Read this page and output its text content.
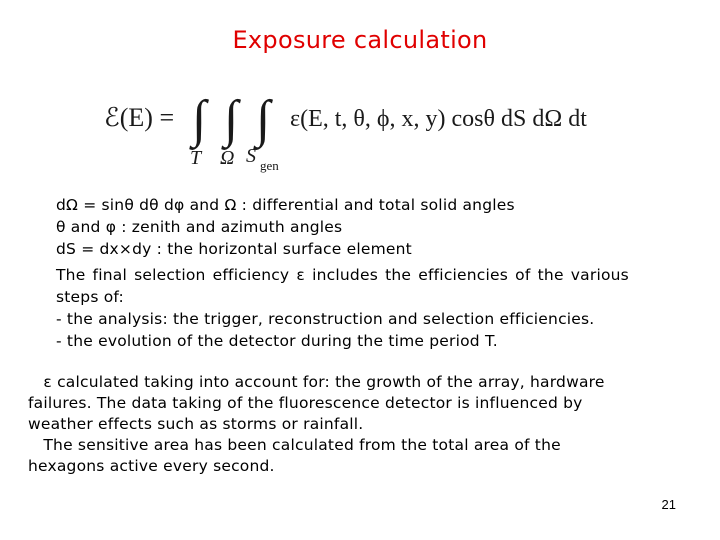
Exposure calculation
ℰ(E) = ∫ ∫ ∫
T Ω S gen
ε(E, t, θ, ϕ, x, y) cosθ dS dΩ dt
dΩ = sinθ dθ dφ and Ω : differential and total solid angles
θ and φ : zenith and azimuth angles
dS = dx×dy : the horizontal surface element
The final selection efficiency ε includes the efficiencies of the various
steps of:
- the analysis: the trigger, reconstruction and selection efficiencies.
- the evolution of the detector during the time period T.
ε calculated taking into account for: the growth of the array, hardware
failures. The data taking of the fluorescence detector is influenced by
weather effects such as storms or rainfall.
The sensitive area has been calculated from the total area of the
hexagons active every second.
21
